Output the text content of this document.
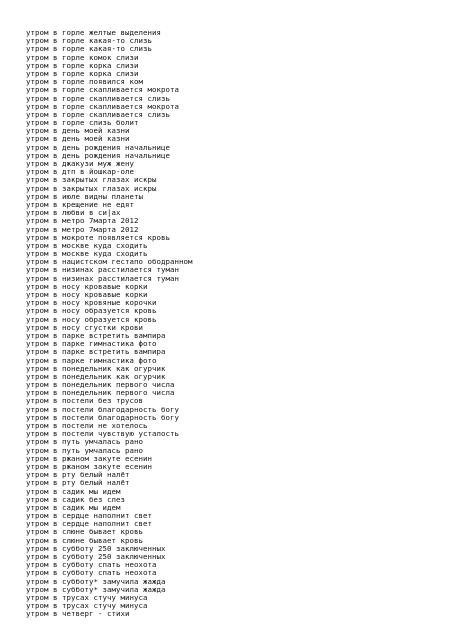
утром в горле желтые выделения
утром в горле какая-то слизь
утром в горле какая-то слизь
утром в горле комок слизи
утром в горле корка слизи
утром в горле корка слизи
утром в горле появился ком
утром в горле скапливается мокрота
утром в горле скапливается слизь
утром в горле скапливается мокрота
утром в горле скапливается слизь
утром в горле слизь болит
утром в день моей казни
утром в день моей казни
утром в день рождения начальнице
утром в день рождения начальнице
утром в джакузи муж жену
утром в дтп в йошкар-оле
утром в закрытых глазах искры
утром в закрытых глазах искры
утром в июле видны планеты
утром в крещение не едят
утром в любви в си|ах
утром в метро 7марта 2012
утром в метро 7марта 2012
утром в мокроте появляется кровь
утром в москве куда сходить
утром в москве куда сходить
утром в нацистском гестапо ободранном
утром в низинах расстилается туман
утром в низинах расстилается туман
утром в носу кровавые корки
утром в носу кровавые корки
утром в носу кровяные корочки
утром в носу образуется кровь
утром в носу образуется кровь
утром в носу сгустки крови
утром в парке встретить вампира
утром в парке гимнастика фото
утром в парке встретить вампира
утром в парке гимнастика фото
утром в понедельник как огурчик
утром в понедельник как огурчик
утром в понедельник первого числа
утром в понедельник первого числа
утром в постели без трусов
утром в постели благодарность богу
утром в постели благодарность богу
утром в постели не хотелось
утром в постели чувствую усталость
утром в путь умчалась рано
утром в путь умчалась рано
утром в ржаном закуте есенин
утром в ржаном закуте есенин
утром в рту белый налёт
утром в рту белый налёт
утром в садик мы идем
утром в садик без слез
утром в садик мы идем
утром в сердце наполнит свет
утром в сердце наполнит свет
утром в слюне бывает кровь
утром в слюне бывает кровь
утром в субботу 250 заключенных
утром в субботу 250 заключенных
утром в субботу спать неохота
утром в субботу спать неохота
утром в субботу* замучила жажда
утром в субботу* замучила жажда
утром в трусах стучу минуса
утром в трусах стучу минуса
утром в четверг - стихи
